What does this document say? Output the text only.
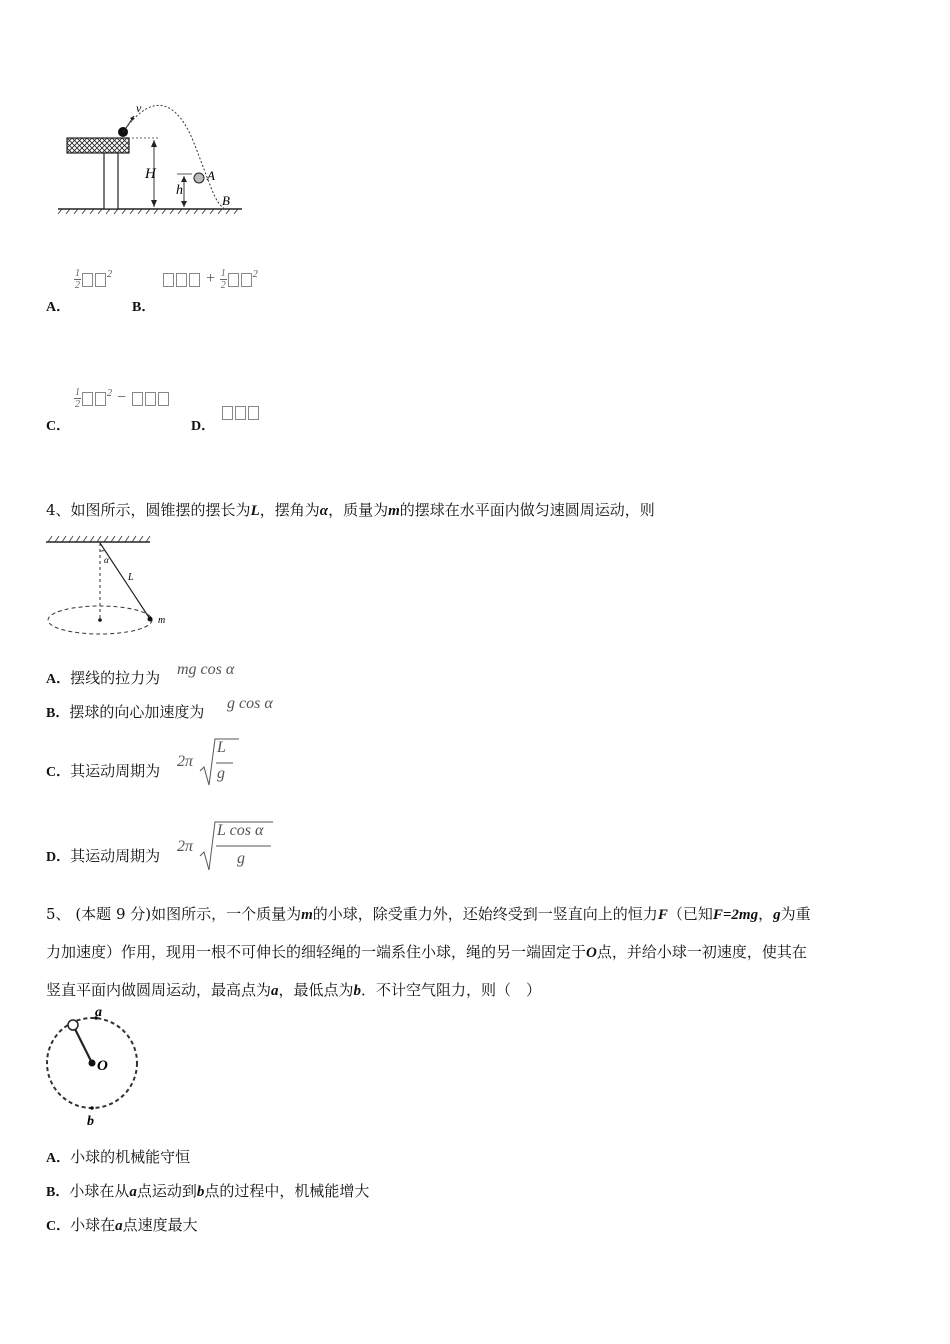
v
H
h
A
B
A．
$\frac{1}{2}$	$^2$
B．
+ $\frac{1}{2}$	$^2$
C．
$\frac{1}{2}$	$^2$ −
D．
4、如图所示，圆锥摆的摆长为L，摆角为α，质量为m的摆球在水平面内做匀速圆周运动，则
α
L
m
A．摆线的拉力为 mg cos α
B．摆球的向心加速度为 g cos α
C．其运动周期为
2π
L
g
D．其运动周期为
2π
L cos α
g
5、 (本题 9 分)如图所示，一个质量为m的小球，除受重力外，还始终受到一竖直向上的恒力F（已知F=2mg，g为重
力加速度）作用，现用一根不可伸长的细轻绳的一端系住小球，绳的另一端固定于O点，并给小球一初速度，使其在
竖直平面内做圆周运动，最高点为a，最低点为b．不计空气阻力，则（　）
O
a
b
A．小球的机械能守恒
B．小球在从a点运动到b点的过程中，机械能增大
C．小球在a点速度最大
